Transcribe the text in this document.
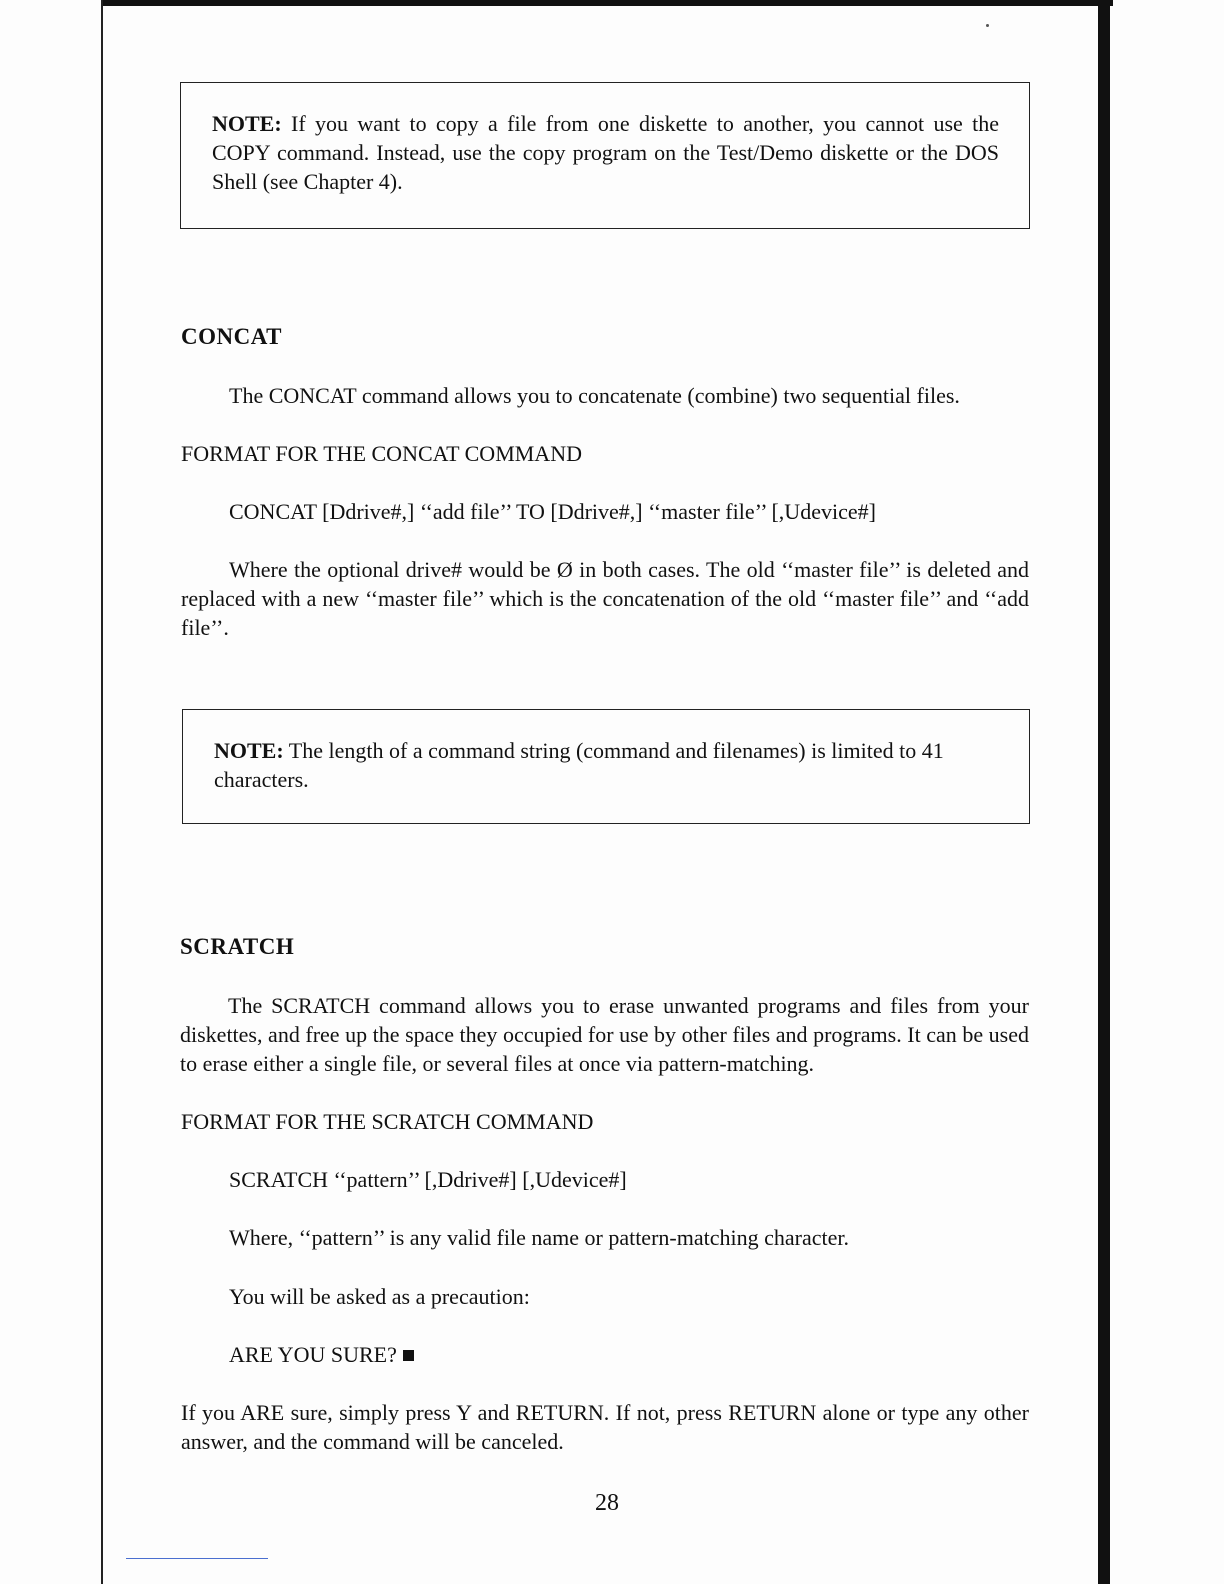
NOTE: If you want to copy a file from one diskette to another, you cannot use the COPY command. Instead, use the copy program on the Test/Demo diskette or the DOS Shell (see Chapter 4).

CONCAT

The CONCAT command allows you to concatenate (combine) two sequential files.

FORMAT FOR THE CONCAT COMMAND

CONCAT [Ddrive#,] ‘‘add file’’ TO [Ddrive#,] ‘‘master file’’ [,Udevice#]

Where the optional drive# would be Ø in both cases. The old ‘‘master file’’ is deleted and replaced with a new ‘‘master file’’ which is the concatenation of the old ‘‘master file’’ and ‘‘add file’’.

NOTE: The length of a command string (command and filenames) is limited to 41 characters.

SCRATCH

The SCRATCH command allows you to erase unwanted programs and files from your diskettes, and free up the space they occupied for use by other files and programs. It can be used to erase either a single file, or several files at once via pattern-matching.

FORMAT FOR THE SCRATCH COMMAND

SCRATCH ‘‘pattern’’ [,Ddrive#] [,Udevice#]

Where, ‘‘pattern’’ is any valid file name or pattern-matching character.

You will be asked as a precaution:

ARE YOU SURE?

If you ARE sure, simply press Y and RETURN. If not, press RETURN alone or type any other answer, and the command will be canceled.

28
